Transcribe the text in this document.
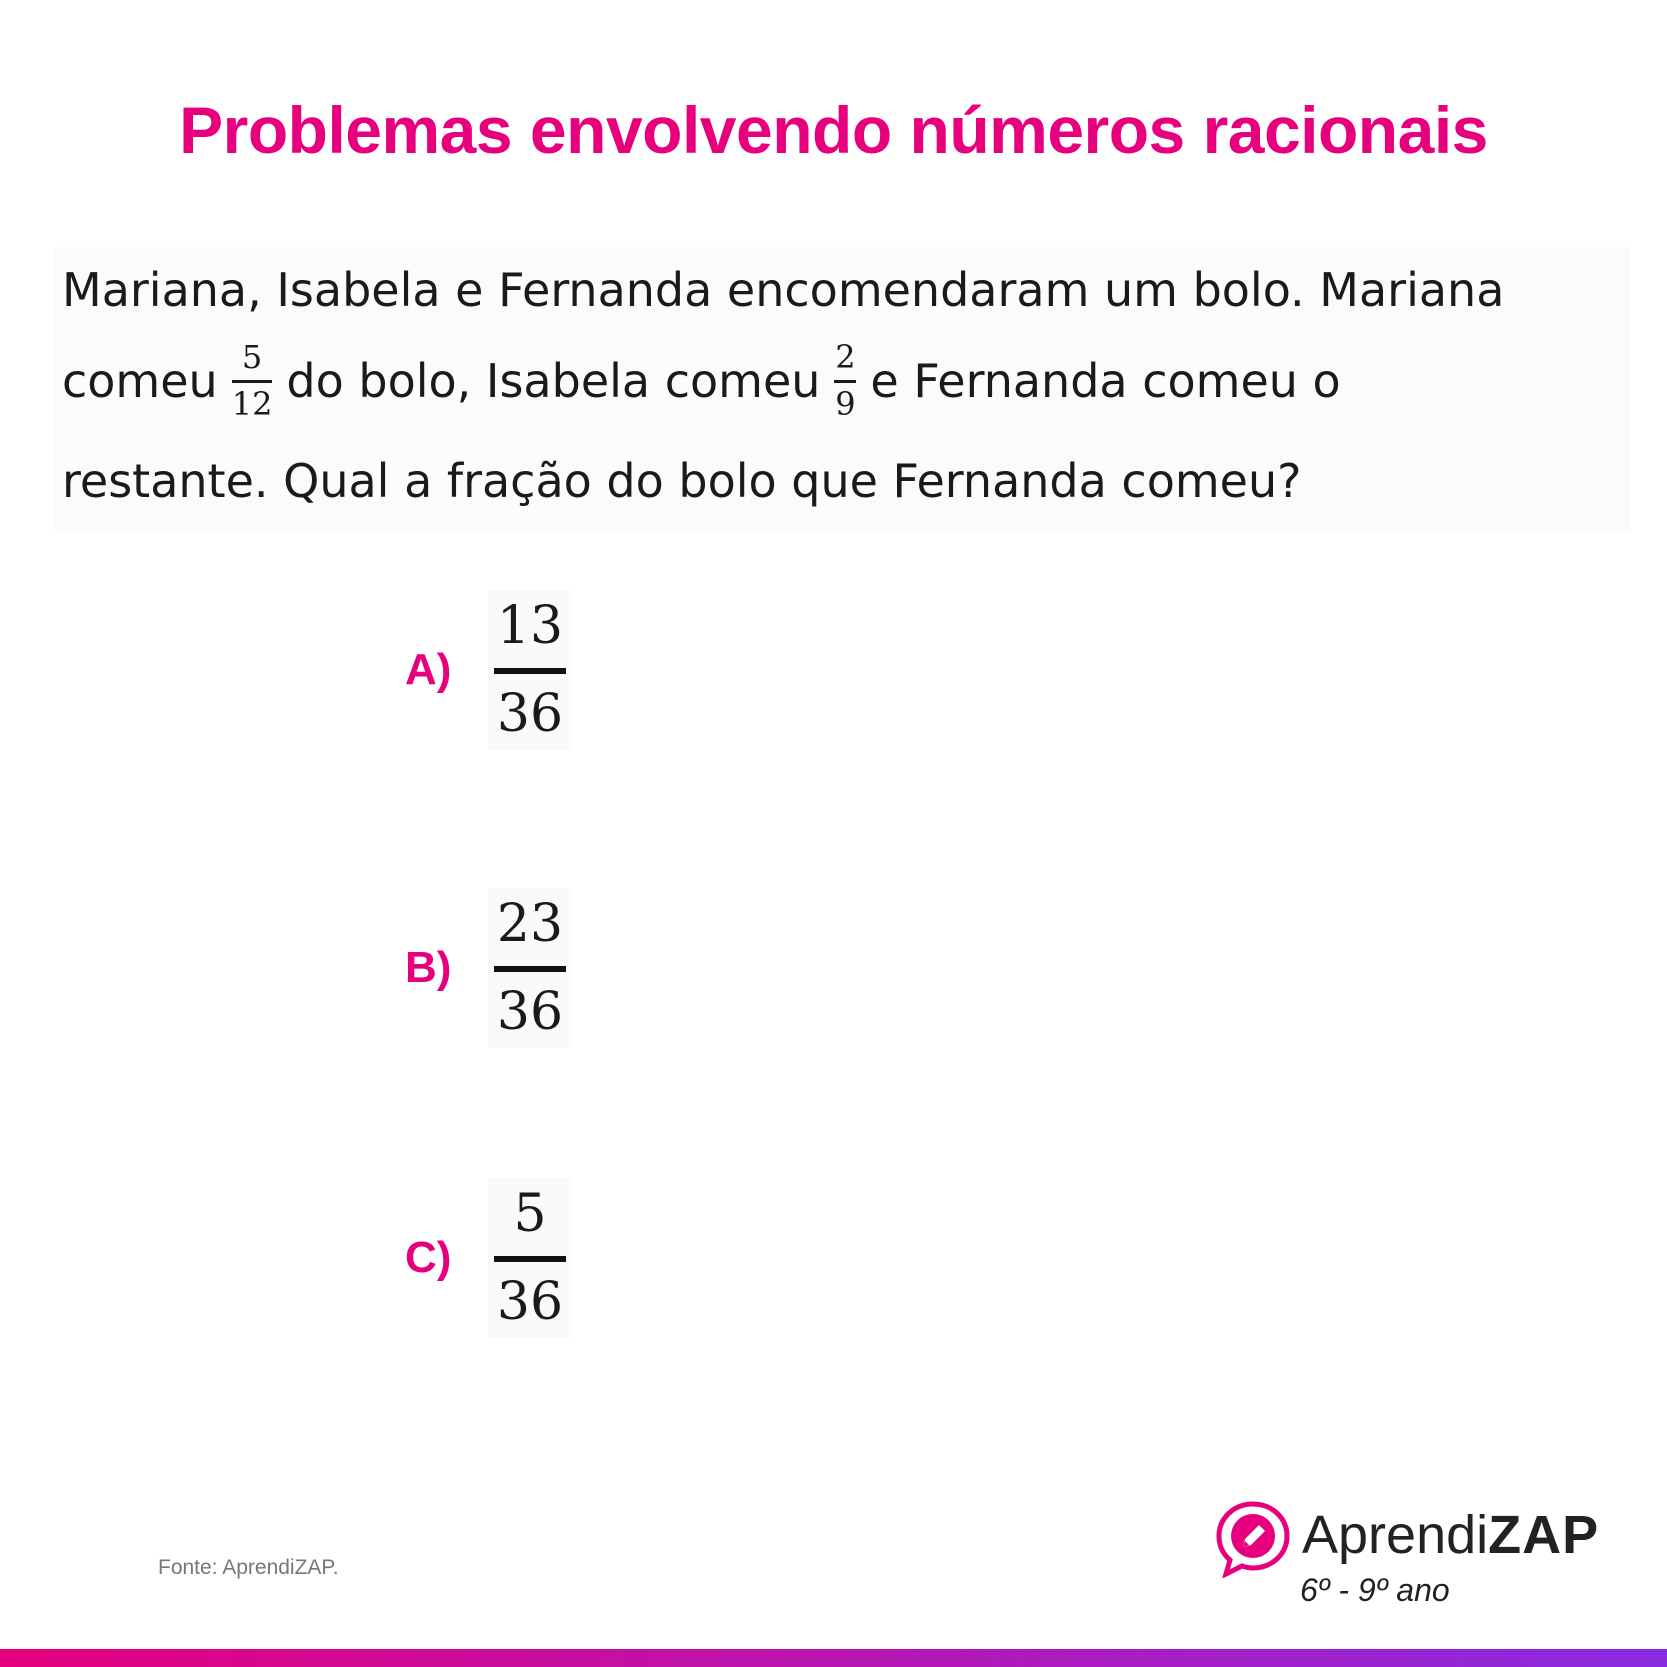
Problemas envolvendo números racionais
Mariana, Isabela e Fernanda encomendaram um bolo. Mariana
comeu $\frac{5}{12}$ do bolo, Isabela comeu $\frac{2}{9}$ e Fernanda comeu o
restante. Qual a fração do bolo que Fernanda comeu?
A)
13
36
B)
23
36
C)
5
36
Fonte: AprendiZAP.
AprendiZAP
6º - 9º ano
